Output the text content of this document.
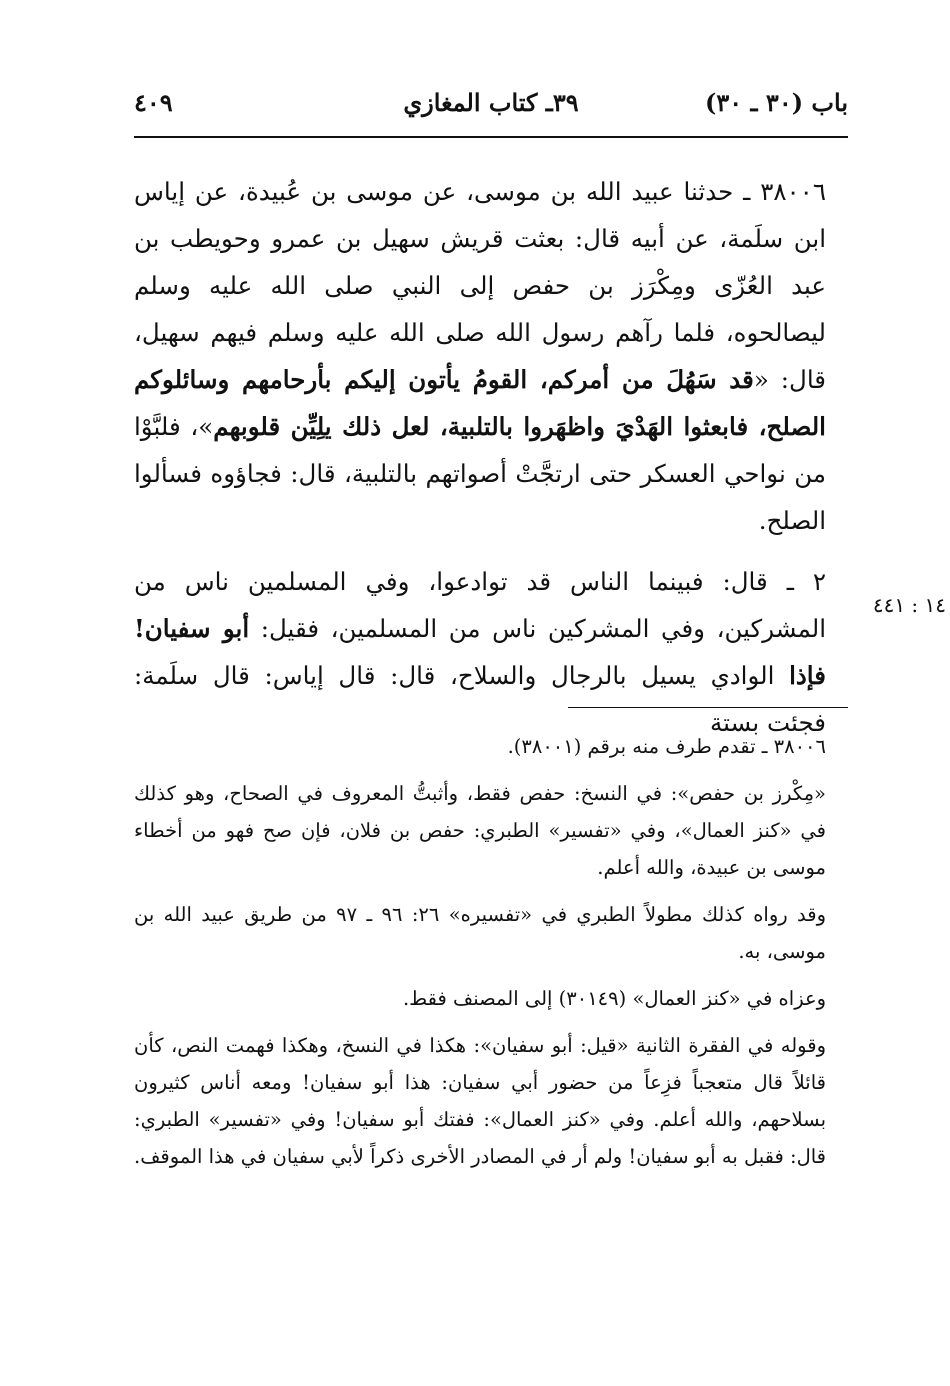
باب (٣٠ ـ ٣٠)
٣٩ـ كتاب المغازي
٤٠٩

٣٨٠٠٦ ـ حدثنا عبيد الله بن موسى، عن موسى بن عُبيدة، عن إياس ابن سلَمة، عن أبيه قال: بعثت قريش سهيل بن عمرو وحويطب بن عبد العُزّى ومِكْرَز بن حفص إلى النبي صلى الله عليه وسلم ليصالحوه، فلما رآهم رسول الله صلى الله عليه وسلم فيهم سهيل، قال: «قد سَهُلَ من أمركم، القومُ يأتون إليكم بأرحامهم وسائلوكم الصلح، فابعثوا الهَدْيَ واظهَروا بالتلبية، لعل ذلك يلِيِّن قلوبهم»، فلبَّوْا من نواحي العسكر حتى ارتجَّتْ أصواتهم بالتلبية، قال: فجاؤوه فسألوا الصلح.

٢ ـ قال: فبينما الناس قد توادعوا، وفي المسلمين ناس من المشركين، وفي المشركين ناس من المسلمين، فقيل: أبو سفيان! فإذا الوادي يسيل بالرجال والسلاح، قال: قال إياس: قال سلَمة: فجئت بستة

١٤ : ٤٤١

٣٨٠٠٦ ـ تقدم طرف منه برقم (٣٨٠٠١).

«مِكْرز بن حفص»: في النسخ: حفص فقط، وأثبتُّ المعروف في الصحاح، وهو كذلك في «كنز العمال»، وفي «تفسير» الطبري: حفص بن فلان، فإن صح فهو من أخطاء موسى بن عبيدة، والله أعلم.

وقد رواه كذلك مطولاً الطبري في «تفسيره» ٢٦: ٩٦ ـ ٩٧ من طريق عبيد الله بن موسى، به.

وعزاه في «كنز العمال» (٣٠١٤٩) إلى المصنف فقط.

وقوله في الفقرة الثانية «قيل: أبو سفيان»: هكذا في النسخ، وهكذا فهمت النص، كأن قائلاً قال متعجباً فزِعاً من حضور أبي سفيان: هذا أبو سفيان! ومعه أناس كثيرون بسلاحهم، والله أعلم. وفي «كنز العمال»: ففتك أبو سفيان! وفي «تفسير» الطبري: قال: فقبل به أبو سفيان! ولم أر في المصادر الأخرى ذكراً لأبي سفيان في هذا الموقف.
